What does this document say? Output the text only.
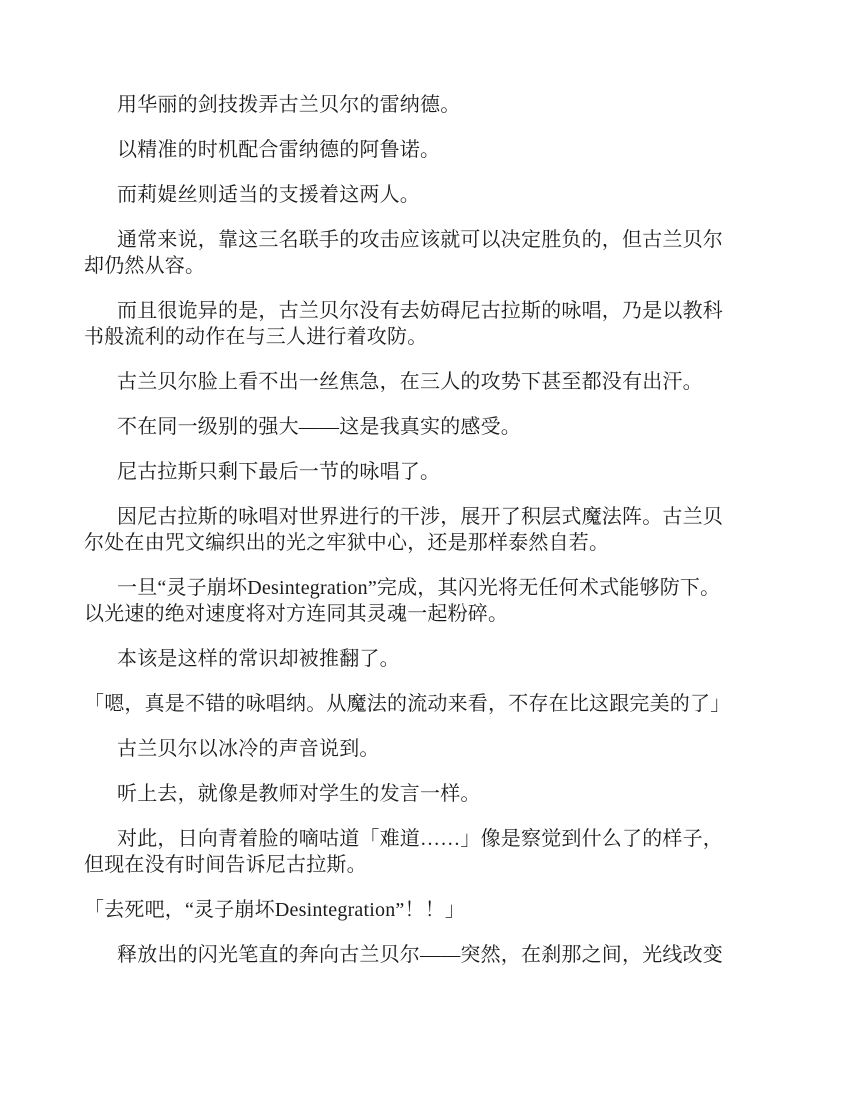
用华丽的剑技拨弄古兰贝尔的雷纳德。

以精准的时机配合雷纳德的阿鲁诺。

而莉媞丝则适当的支援着这两人。

通常来说，靠这三名联手的攻击应该就可以决定胜负的，但古兰贝尔却仍然从容。

而且很诡异的是，古兰贝尔没有去妨碍尼古拉斯的咏唱，乃是以教科书般流利的动作在与三人进行着攻防。

古兰贝尔脸上看不出一丝焦急，在三人的攻势下甚至都没有出汗。

不在同一级别的强大——这是我真实的感受。

尼古拉斯只剩下最后一节的咏唱了。

因尼古拉斯的咏唱对世界进行的干涉，展开了积层式魔法阵。古兰贝尔处在由咒文编织出的光之牢狱中心，还是那样泰然自若。

一旦“灵子崩坏Desintegration”完成，其闪光将无任何术式能够防下。以光速的绝对速度将对方连同其灵魂一起粉碎。

本该是这样的常识却被推翻了。

「嗯，真是不错的咏唱纳。从魔法的流动来看，不存在比这跟完美的了」

古兰贝尔以冰冷的声音说到。

听上去，就像是教师对学生的发言一样。

对此，日向青着脸的嘀咕道「难道……」像是察觉到什么了的样子，但现在没有时间告诉尼古拉斯。

「去死吧，“灵子崩坏Desintegration”！！」

释放出的闪光笔直的奔向古兰贝尔——突然，在刹那之间，光线改变
